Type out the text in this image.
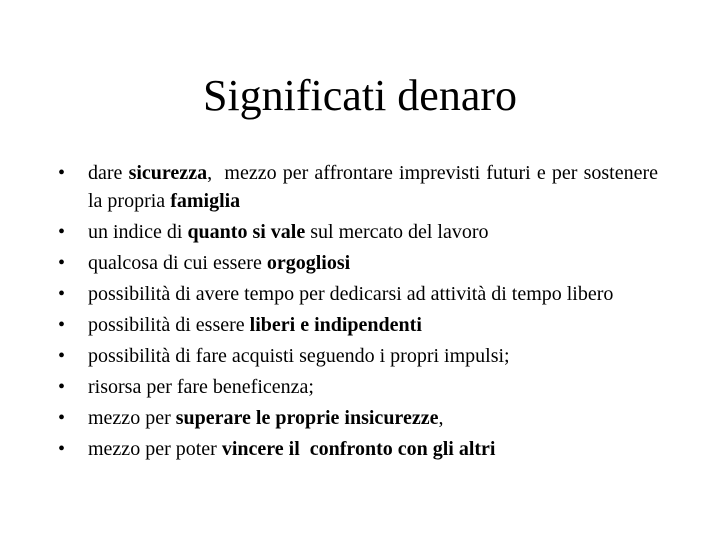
Significati denaro
•	dare sicurezza,  mezzo per affrontare imprevisti futuri e per sostenere la propria famiglia
•	un indice di quanto si vale sul mercato del lavoro
•	qualcosa di cui essere orgogliosi
•	possibilità di avere tempo per dedicarsi ad attività di tempo libero
•	possibilità di essere liberi e indipendenti
•	possibilità di fare acquisti seguendo i propri impulsi;
•	risorsa per fare beneficenza;
•	mezzo per superare le proprie insicurezze,
•	mezzo per poter vincere il  confronto con gli altri
